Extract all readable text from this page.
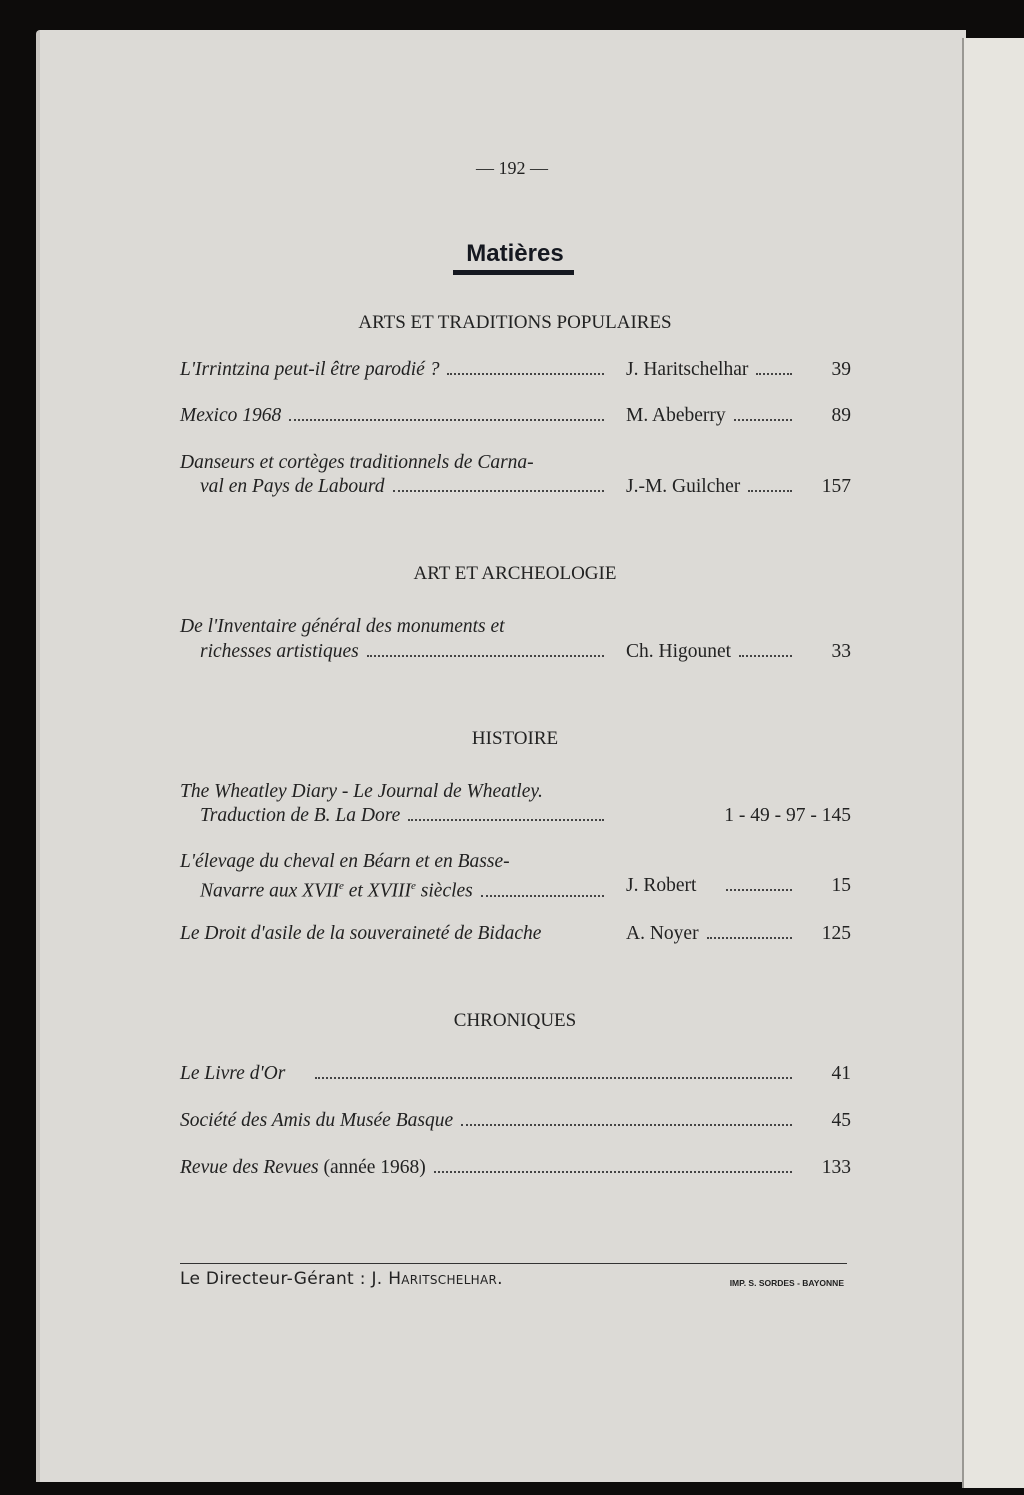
— 192 —
Matières
ARTS ET TRADITIONS POPULAIRES
L'Irrintzina peut-il être parodié ?	J. Haritschelhar	39
Mexico 1968	M. Abeberry	89
Danseurs et cortèges traditionnels de Carna-
val en Pays de Labourd	J.-M. Guilcher	157
ART ET ARCHEOLOGIE
De l'Inventaire général des monuments et
richesses artistiques	Ch. Higounet	33
HISTOIRE
The Wheatley Diary - Le Journal de Wheatley.
Traduction de B. La Dore	1 - 49 - 97 - 145
L'élevage du cheval en Béarn et en Basse-
Navarre aux XVIIe et XVIIIe siècles	J. Robert	15
Le Droit d'asile de la souveraineté de Bidache	A. Noyer	125
CHRONIQUES
Le Livre d'Or	41
Société des Amis du Musée Basque	45
Revue des Revues
(année 1968)	133
Le Directeur-Gérant : J. Haritschelhar.	IMP. S. SORDES - BAYONNE
